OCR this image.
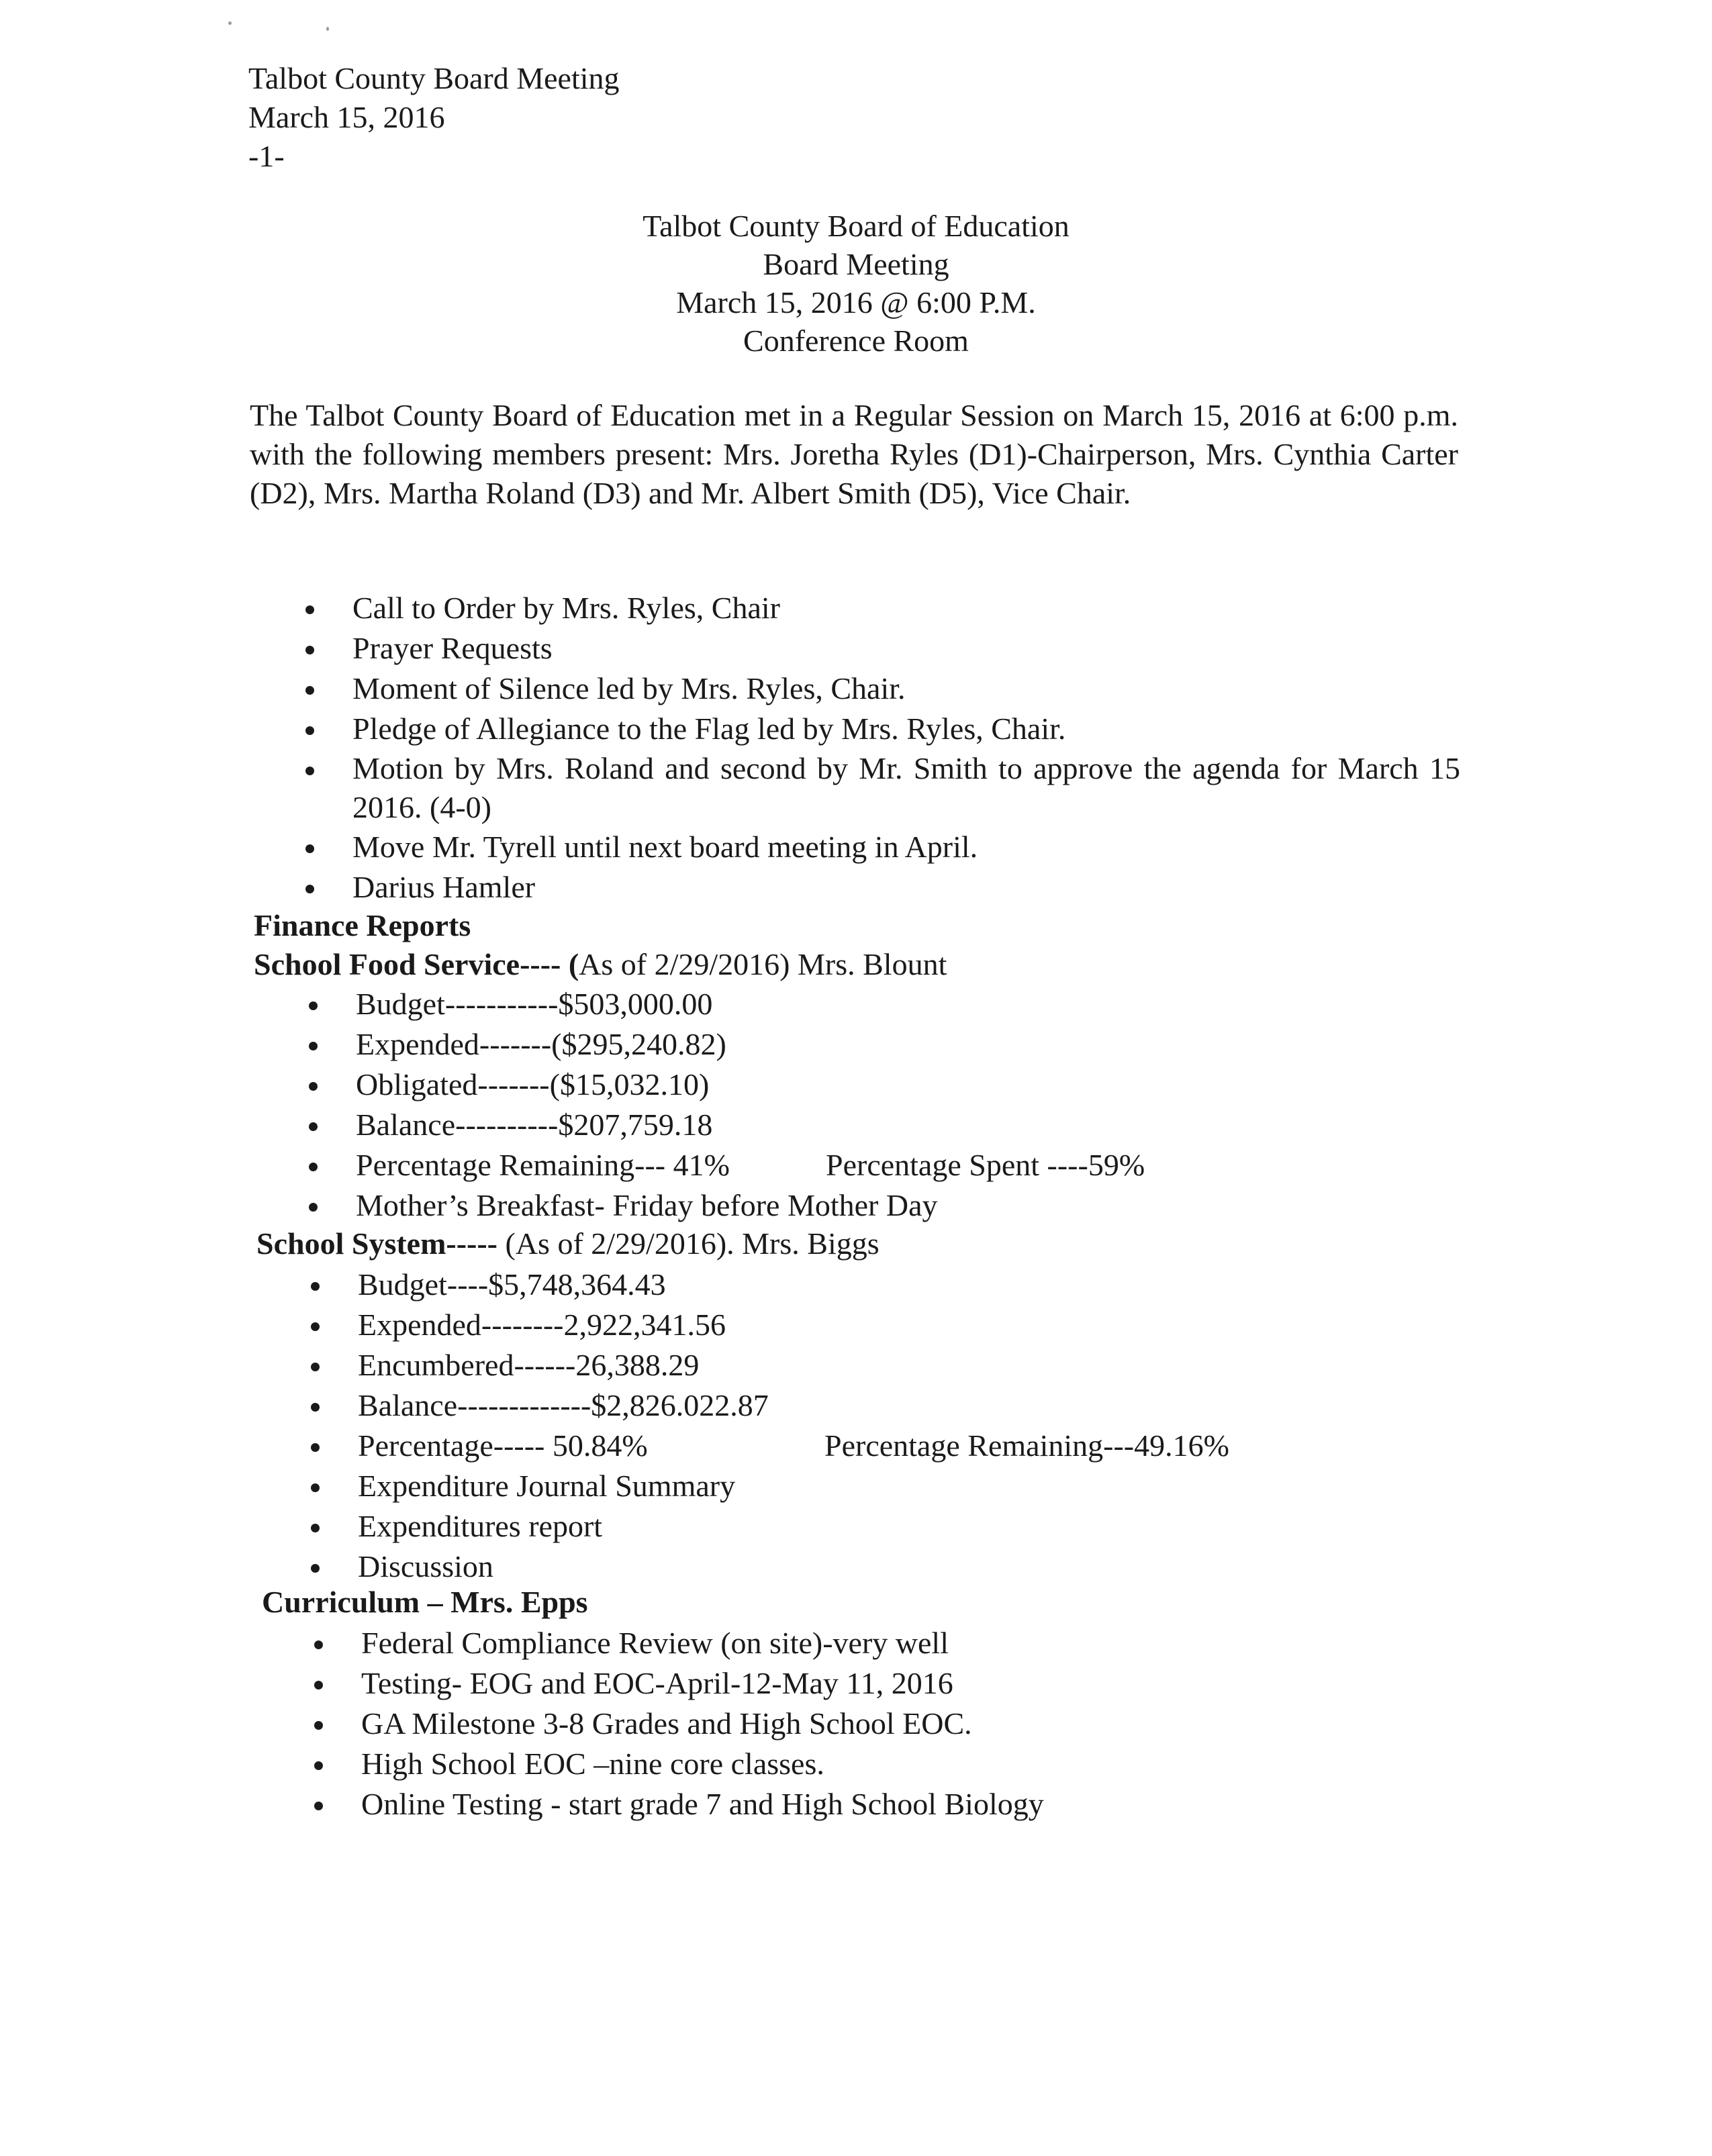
Talbot County Board Meeting
March 15, 2016
-1-
Talbot County Board of Education
Board Meeting
March 15, 2016 @ 6:00 P.M.
Conference Room
The Talbot County Board of Education met in a Regular Session on March 15, 2016 at 6:00 p.m. with the following members present: Mrs. Joretha Ryles (D1)-Chairperson, Mrs. Cynthia Carter (D2), Mrs. Martha Roland (D3) and Mr. Albert Smith (D5), Vice Chair.
Call to Order by Mrs. Ryles, Chair
Prayer Requests
Moment of Silence led by Mrs. Ryles, Chair.
Pledge of Allegiance to the Flag led by Mrs. Ryles, Chair.
Motion by Mrs. Roland and second by Mr. Smith to approve the agenda for March 15 2016. (4-0)
Move Mr. Tyrell until next board meeting in April.
Darius Hamler
Finance Reports
School Food Service---- (As of 2/29/2016) Mrs. Blount
Budget-----------$503,000.00
Expended-------($295,240.82)
Obligated-------($15,032.10)
Balance----------$207,759.18
Percentage Remaining--- 41%	Percentage Spent ----59%
Mother’s Breakfast- Friday before Mother Day
School System----- (As of 2/29/2016). Mrs. Biggs
Budget----$5,748,364.43
Expended--------2,922,341.56
Encumbered------26,388.29
Balance-------------$2,826.022.87
Percentage----- 50.84%	Percentage Remaining---49.16%
Expenditure Journal Summary
Expenditures report
Discussion
Curriculum – Mrs. Epps
Federal Compliance Review (on site)-very well
Testing- EOG and EOC-April-12-May 11, 2016
GA Milestone 3-8 Grades and High School EOC.
High School EOC –nine core classes.
Online Testing - start grade 7 and High School Biology
